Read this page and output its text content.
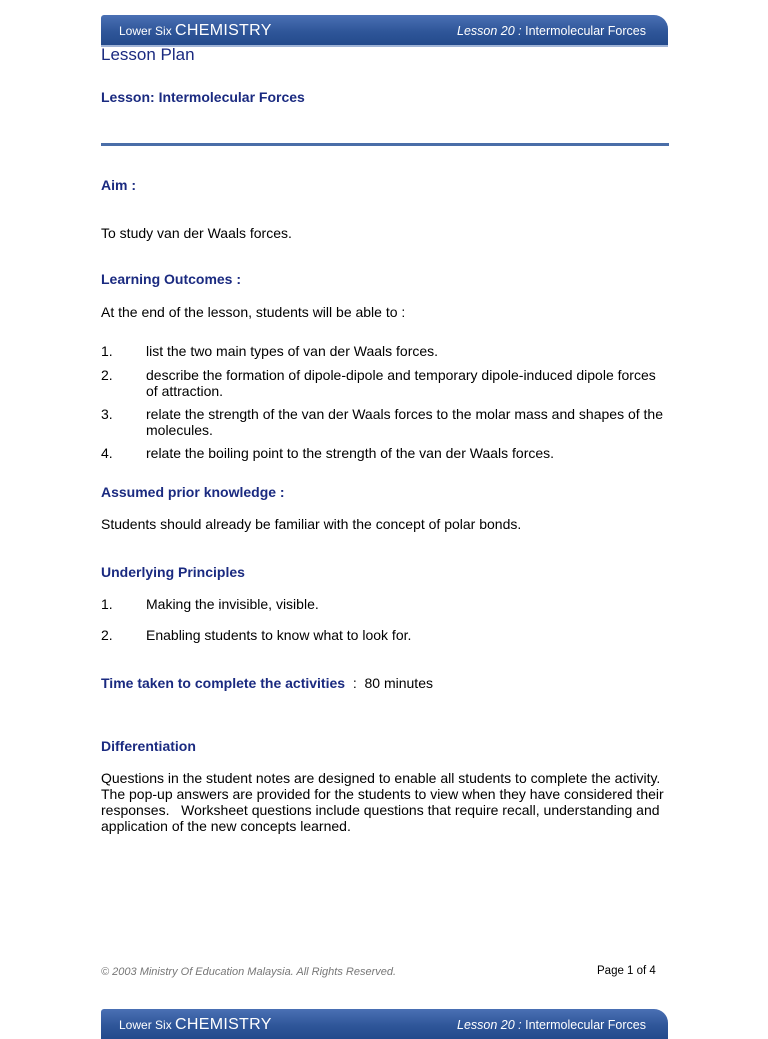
Lower Six CHEMISTRY	Lesson 20 : Intermolecular Forces
Lesson Plan
Lesson: Intermolecular Forces
Aim :
To study van der Waals forces.
Learning Outcomes :
At the end of the lesson, students will be able to :
1. list the two main types of van der Waals forces.
2. describe the formation of dipole-dipole and temporary dipole-induced dipole forces of attraction.
3. relate the strength of the van der Waals forces to the molar mass and shapes of the molecules.
4. relate the boiling point to the strength of the van der Waals forces.
Assumed prior knowledge :
Students should already be familiar with the concept of polar bonds.
Underlying Principles
1. Making the invisible, visible.
2. Enabling students to know what to look for.
Time taken to complete the activities  :  80 minutes
Differentiation
Questions in the student notes are designed to enable all students to complete the activity. The pop-up answers are provided for the students to view when they have considered their responses.   Worksheet questions include questions that require recall, understanding and application of the new concepts learned.
© 2003 Ministry Of Education Malaysia. All Rights Reserved.	Page 1 of 4
Lower Six CHEMISTRY	Lesson 20 : Intermolecular Forces
